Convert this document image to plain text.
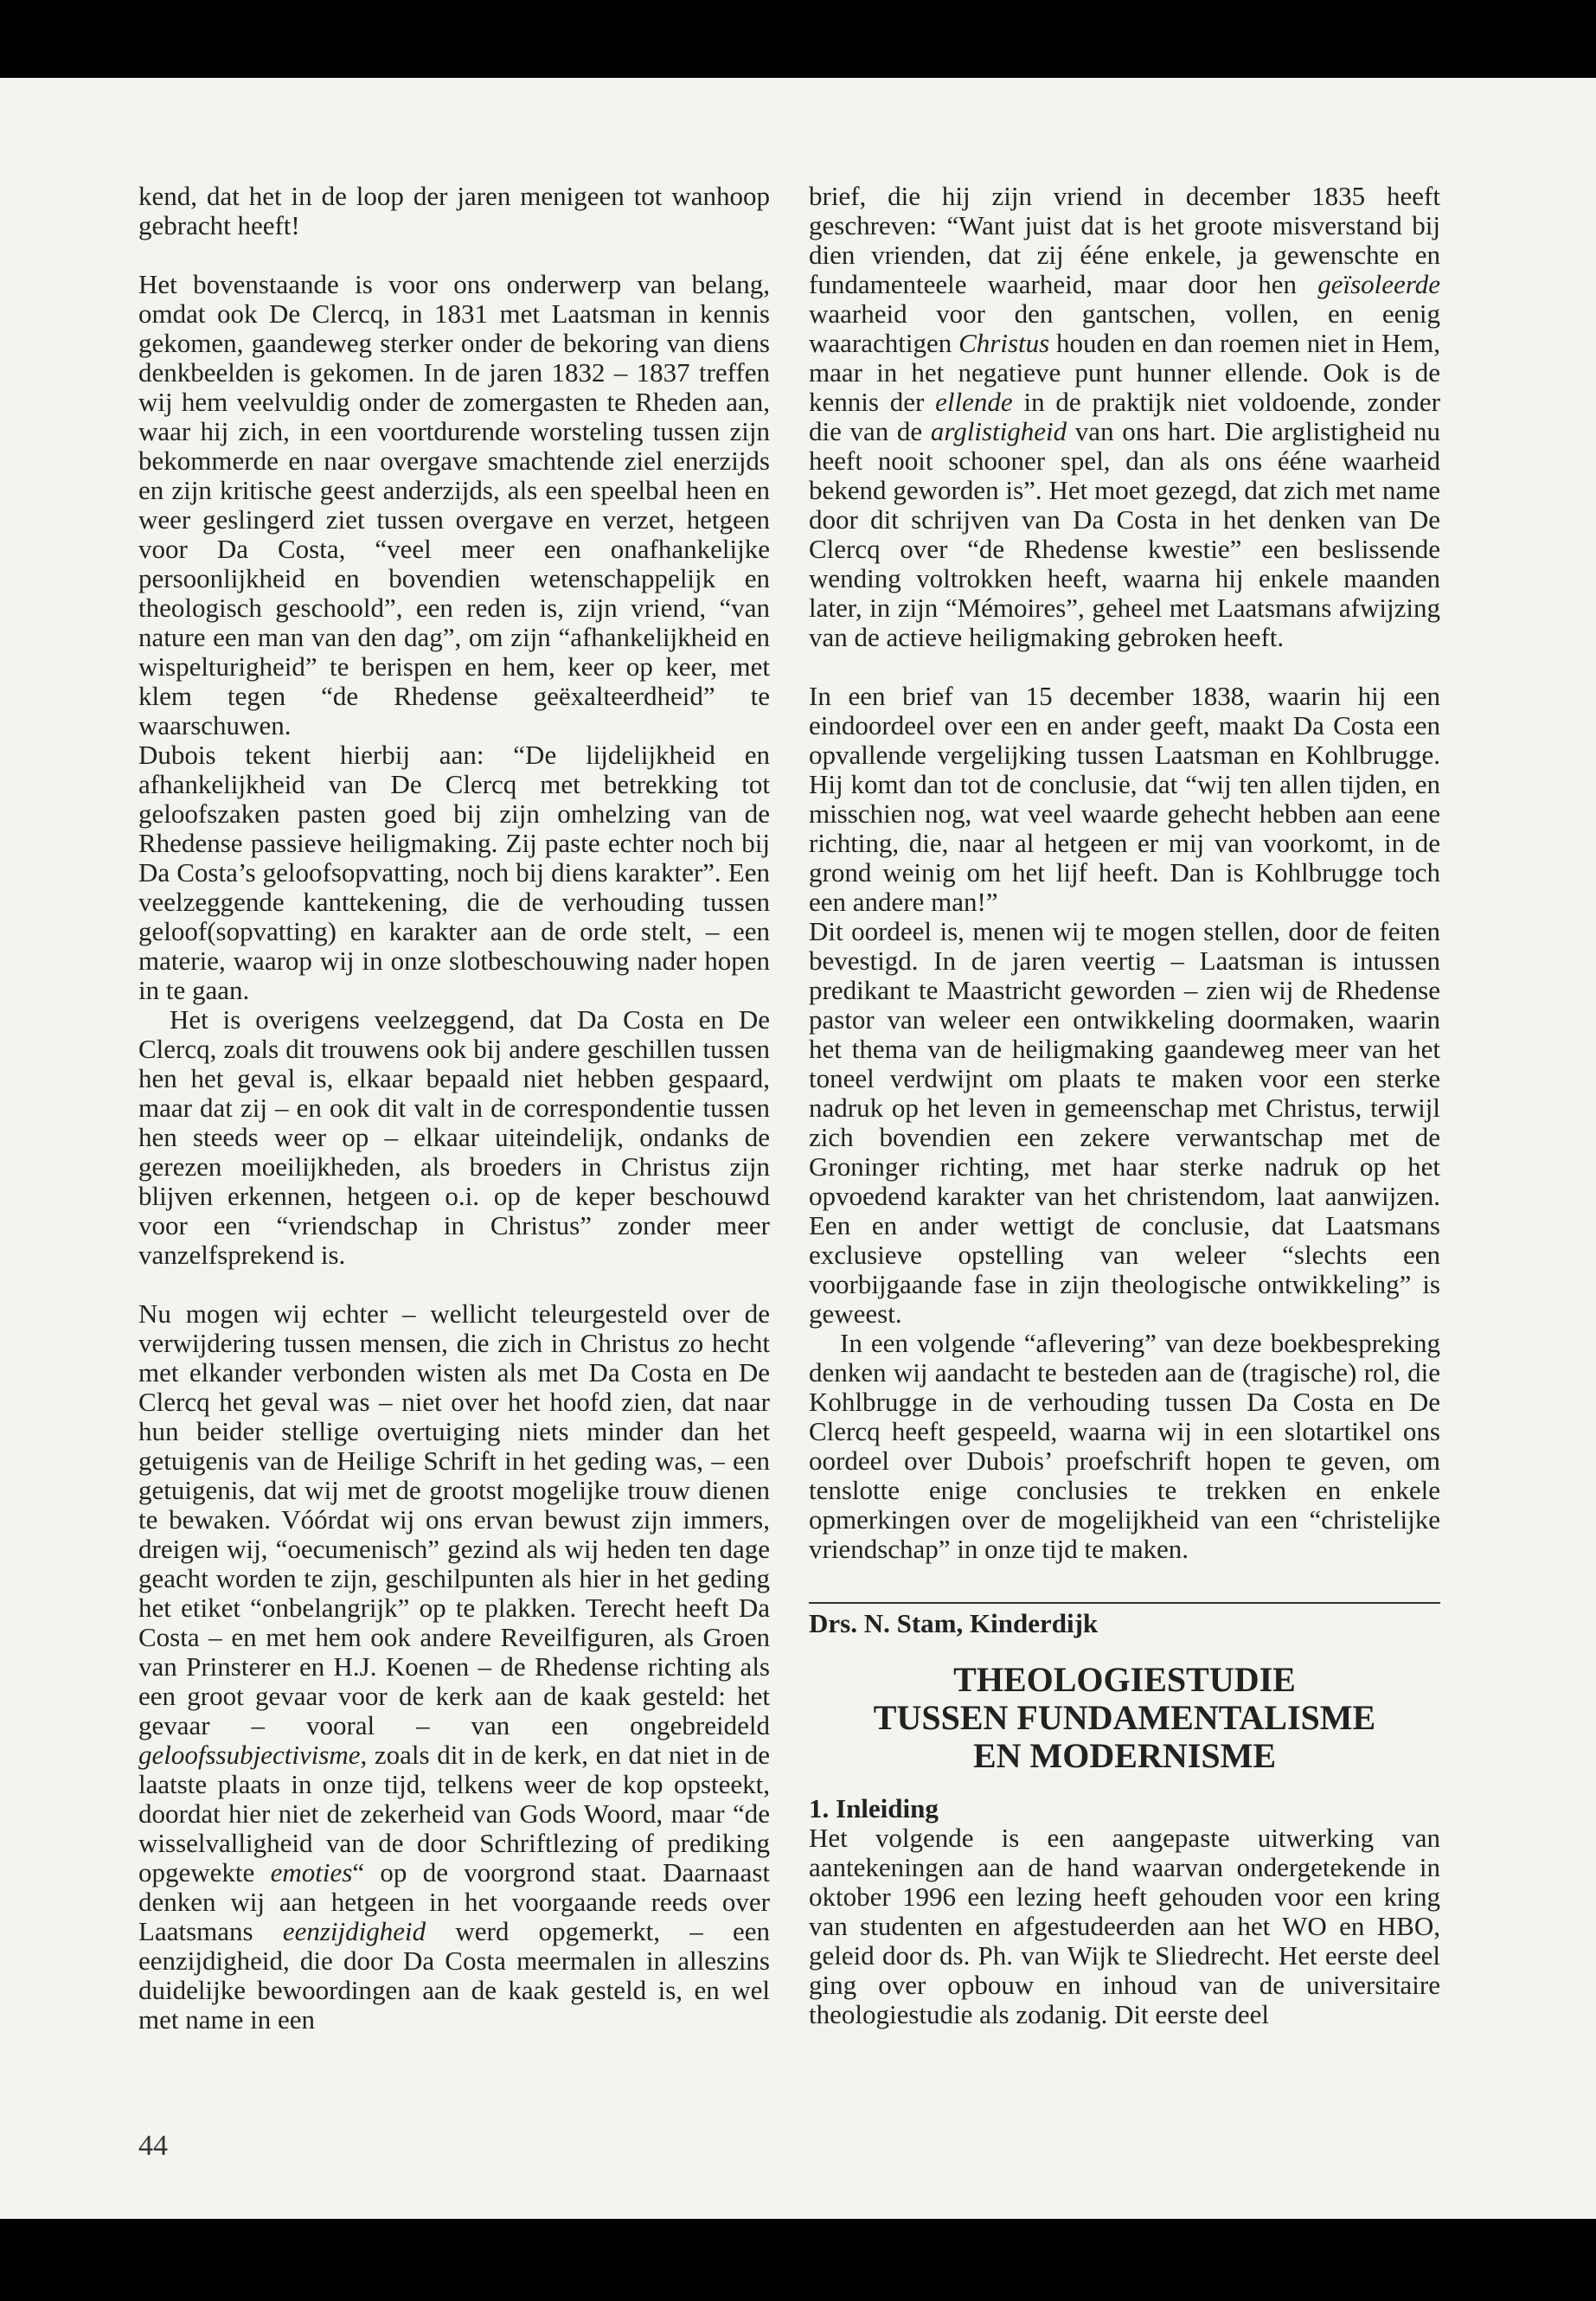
kend, dat het in de loop der jaren menigeen tot wanhoop gebracht heeft!

Het bovenstaande is voor ons onderwerp van belang, omdat ook De Clercq, in 1831 met Laatsman in kennis gekomen, gaandeweg sterker onder de bekoring van diens denkbeelden is gekomen. In de jaren 1832 – 1837 treffen wij hem veelvuldig onder de zomergasten te Rheden aan, waar hij zich, in een voortdurende worsteling tussen zijn bekommerde en naar overgave smachtende ziel enerzijds en zijn kritische geest anderzijds, als een speelbal heen en weer geslingerd ziet tussen overgave en verzet, hetgeen voor Da Costa, “veel meer een onafhankelijke persoonlijkheid en bovendien wetenschappelijk en theologisch geschoold”, een reden is, zijn vriend, “van nature een man van den dag”, om zijn “afhankelijkheid en wispelturigheid” te berispen en hem, keer op keer, met klem tegen “de Rhedense geëxalteerdheid” te waarschuwen.

Dubois tekent hierbij aan: “De lijdelijkheid en afhankelijkheid van De Clercq met betrekking tot geloofszaken pasten goed bij zijn omhelzing van de Rhedense passieve heiligmaking. Zij paste echter noch bij Da Costa’s geloofsopvatting, noch bij diens karakter”. Een veelzeggende kanttekening, die de verhouding tussen geloof(sopvatting) en karakter aan de orde stelt, – een materie, waarop wij in onze slotbeschouwing nader hopen in te gaan.

Het is overigens veelzeggend, dat Da Costa en De Clercq, zoals dit trouwens ook bij andere geschillen tussen hen het geval is, elkaar bepaald niet hebben gespaard, maar dat zij – en ook dit valt in de correspondentie tussen hen steeds weer op – elkaar uiteindelijk, ondanks de gerezen moeilijkheden, als broeders in Christus zijn blijven erkennen, hetgeen o.i. op de keper beschouwd voor een “vriendschap in Christus” zonder meer vanzelfsprekend is.

Nu mogen wij echter – wellicht teleurgesteld over de verwijdering tussen mensen, die zich in Christus zo hecht met elkander verbonden wisten als met Da Costa en De Clercq het geval was – niet over het hoofd zien, dat naar hun beider stellige overtuiging niets minder dan het getuigenis van de Heilige Schrift in het geding was, – een getuigenis, dat wij met de grootst mogelijke trouw dienen te bewaken. Vóórdat wij ons ervan bewust zijn immers, dreigen wij, “oecumenisch” gezind als wij heden ten dage geacht worden te zijn, geschilpunten als hier in het geding het etiket “onbelangrijk” op te plakken. Terecht heeft Da Costa – en met hem ook andere Reveilfiguren, als Groen van Prinsterer en H.J. Koenen – de Rhedense richting als een groot gevaar voor de kerk aan de kaak gesteld: het gevaar – vooral – van een ongebreideld geloofssubjectivisme, zoals dit in de kerk, en dat niet in de laatste plaats in onze tijd, telkens weer de kop opsteekt, doordat hier niet de zekerheid van Gods Woord, maar “de wisselvalligheid van de door Schriftlezing of prediking opgewekte emoties“ op de voorgrond staat. Daarnaast denken wij aan hetgeen in het voorgaande reeds over Laatsmans eenzijdigheid werd opgemerkt, – een eenzijdigheid, die door Da Costa meermalen in alleszins duidelijke bewoordingen aan de kaak gesteld is, en wel met name in een

brief, die hij zijn vriend in december 1835 heeft geschreven: “Want juist dat is het groote misverstand bij dien vrienden, dat zij ééne enkele, ja gewenschte en fundamenteele waarheid, maar door hen geïsoleerde waarheid voor den gantschen, vollen, en eenig waarachtigen Christus houden en dan roemen niet in Hem, maar in het negatieve punt hunner ellende. Ook is de kennis der ellende in de praktijk niet voldoende, zonder die van de arglistigheid van ons hart. Die arglistigheid nu heeft nooit schooner spel, dan als ons ééne waarheid bekend geworden is”. Het moet gezegd, dat zich met name door dit schrijven van Da Costa in het denken van De Clercq over “de Rhedense kwestie” een beslissende wending voltrokken heeft, waarna hij enkele maanden later, in zijn “Mémoires”, geheel met Laatsmans afwijzing van de actieve heiligmaking gebroken heeft.

In een brief van 15 december 1838, waarin hij een eindoordeel over een en ander geeft, maakt Da Costa een opvallende vergelijking tussen Laatsman en Kohlbrugge. Hij komt dan tot de conclusie, dat “wij ten allen tijden, en misschien nog, wat veel waarde gehecht hebben aan eene richting, die, naar al hetgeen er mij van voorkomt, in de grond weinig om het lijf heeft. Dan is Kohlbrugge toch een andere man!”

Dit oordeel is, menen wij te mogen stellen, door de feiten bevestigd. In de jaren veertig – Laatsman is intussen predikant te Maastricht geworden – zien wij de Rhedense pastor van weleer een ontwikkeling doormaken, waarin het thema van de heiligmaking gaandeweg meer van het toneel verdwijnt om plaats te maken voor een sterke nadruk op het leven in gemeenschap met Christus, terwijl zich bovendien een zekere verwantschap met de Groninger richting, met haar sterke nadruk op het opvoedend karakter van het christendom, laat aanwijzen. Een en ander wettigt de conclusie, dat Laatsmans exclusieve opstelling van weleer “slechts een voorbijgaande fase in zijn theologische ontwikkeling” is geweest.

In een volgende “aflevering” van deze boekbespreking denken wij aandacht te besteden aan de (tragische) rol, die Kohlbrugge in de verhouding tussen Da Costa en De Clercq heeft gespeeld, waarna wij in een slotartikel ons oordeel over Dubois’ proefschrift hopen te geven, om tenslotte enige conclusies te trekken en enkele opmerkingen over de mogelijkheid van een “christelijke vriendschap” in onze tijd te maken.

Drs. N. Stam, Kinderdijk
THEOLOGIESTUDIE
TUSSEN FUNDAMENTALISME
EN MODERNISME
1. Inleiding

Het volgende is een aangepaste uitwerking van aantekeningen aan de hand waarvan ondergetekende in oktober 1996 een lezing heeft gehouden voor een kring van studenten en afgestudeerden aan het WO en HBO, geleid door ds. Ph. van Wijk te Sliedrecht. Het eerste deel ging over opbouw en inhoud van de universitaire theologiestudie als zodanig. Dit eerste deel

44
